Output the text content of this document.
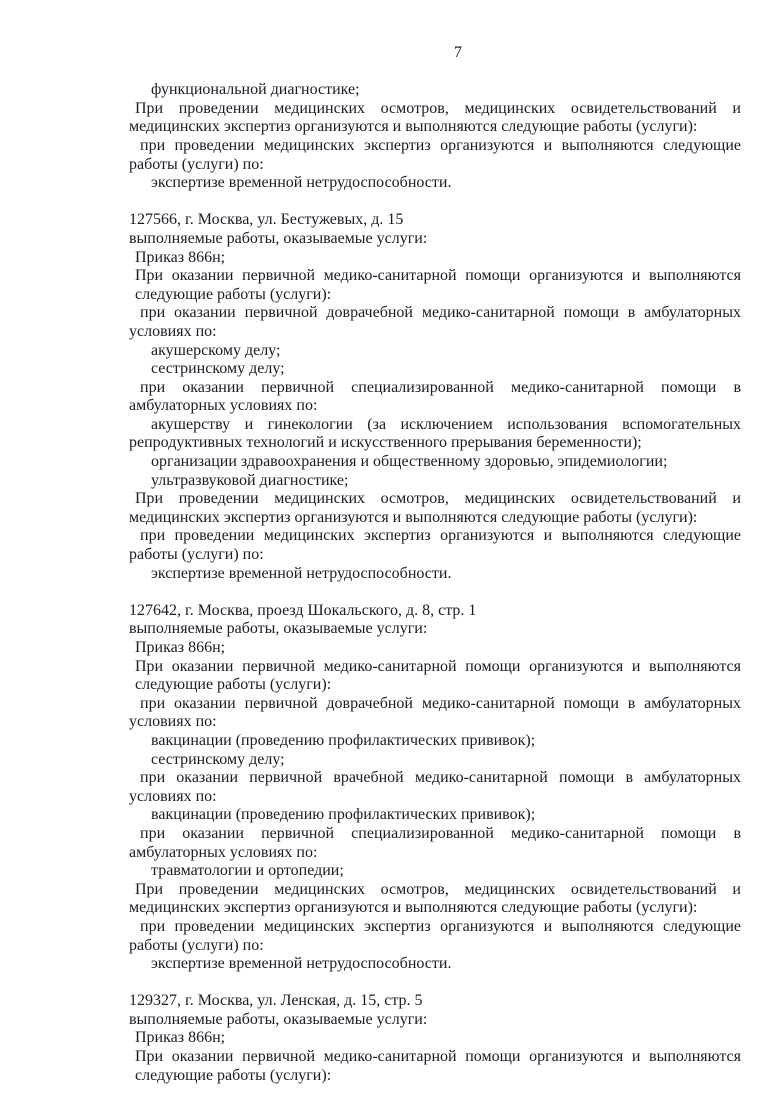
7
функциональной диагностике;
При проведении медицинских осмотров, медицинских освидетельствований и
медицинских экспертиз организуются и выполняются следующие работы (услуги):
при проведении медицинских экспертиз организуются и выполняются следующие
работы (услуги) по:
экспертизе временной нетрудоспособности.
127566, г. Москва, ул. Бестужевых, д. 15
выполняемые работы, оказываемые услуги:
Приказ 866н;
При оказании первичной медико-санитарной помощи организуются и выполняются
следующие работы (услуги):
при оказании первичной доврачебной медико-санитарной помощи в амбулаторных
условиях по:
акушерскому делу;
сестринскому делу;
при оказании первичной специализированной медико-санитарной помощи в
амбулаторных условиях по:
акушерству и гинекологии (за исключением использования вспомогательных
репродуктивных технологий и искусственного прерывания беременности);
организации здравоохранения и общественному здоровью, эпидемиологии;
ультразвуковой диагностике;
При проведении медицинских осмотров, медицинских освидетельствований и
медицинских экспертиз организуются и выполняются следующие работы (услуги):
при проведении медицинских экспертиз организуются и выполняются следующие
работы (услуги) по:
экспертизе временной нетрудоспособности.
127642, г. Москва, проезд Шокальского, д. 8, стр. 1
выполняемые работы, оказываемые услуги:
Приказ 866н;
При оказании первичной медико-санитарной помощи организуются и выполняются
следующие работы (услуги):
при оказании первичной доврачебной медико-санитарной помощи в амбулаторных
условиях по:
вакцинации (проведению профилактических прививок);
сестринскому делу;
при оказании первичной врачебной медико-санитарной помощи в амбулаторных
условиях по:
вакцинации (проведению профилактических прививок);
при оказании первичной специализированной медико-санитарной помощи в
амбулаторных условиях по:
травматологии и ортопедии;
При проведении медицинских осмотров, медицинских освидетельствований и
медицинских экспертиз организуются и выполняются следующие работы (услуги):
при проведении медицинских экспертиз организуются и выполняются следующие
работы (услуги) по:
экспертизе временной нетрудоспособности.
129327, г. Москва, ул. Ленская, д. 15, стр. 5
выполняемые работы, оказываемые услуги:
Приказ 866н;
При оказании первичной медико-санитарной помощи организуются и выполняются
следующие работы (услуги):
